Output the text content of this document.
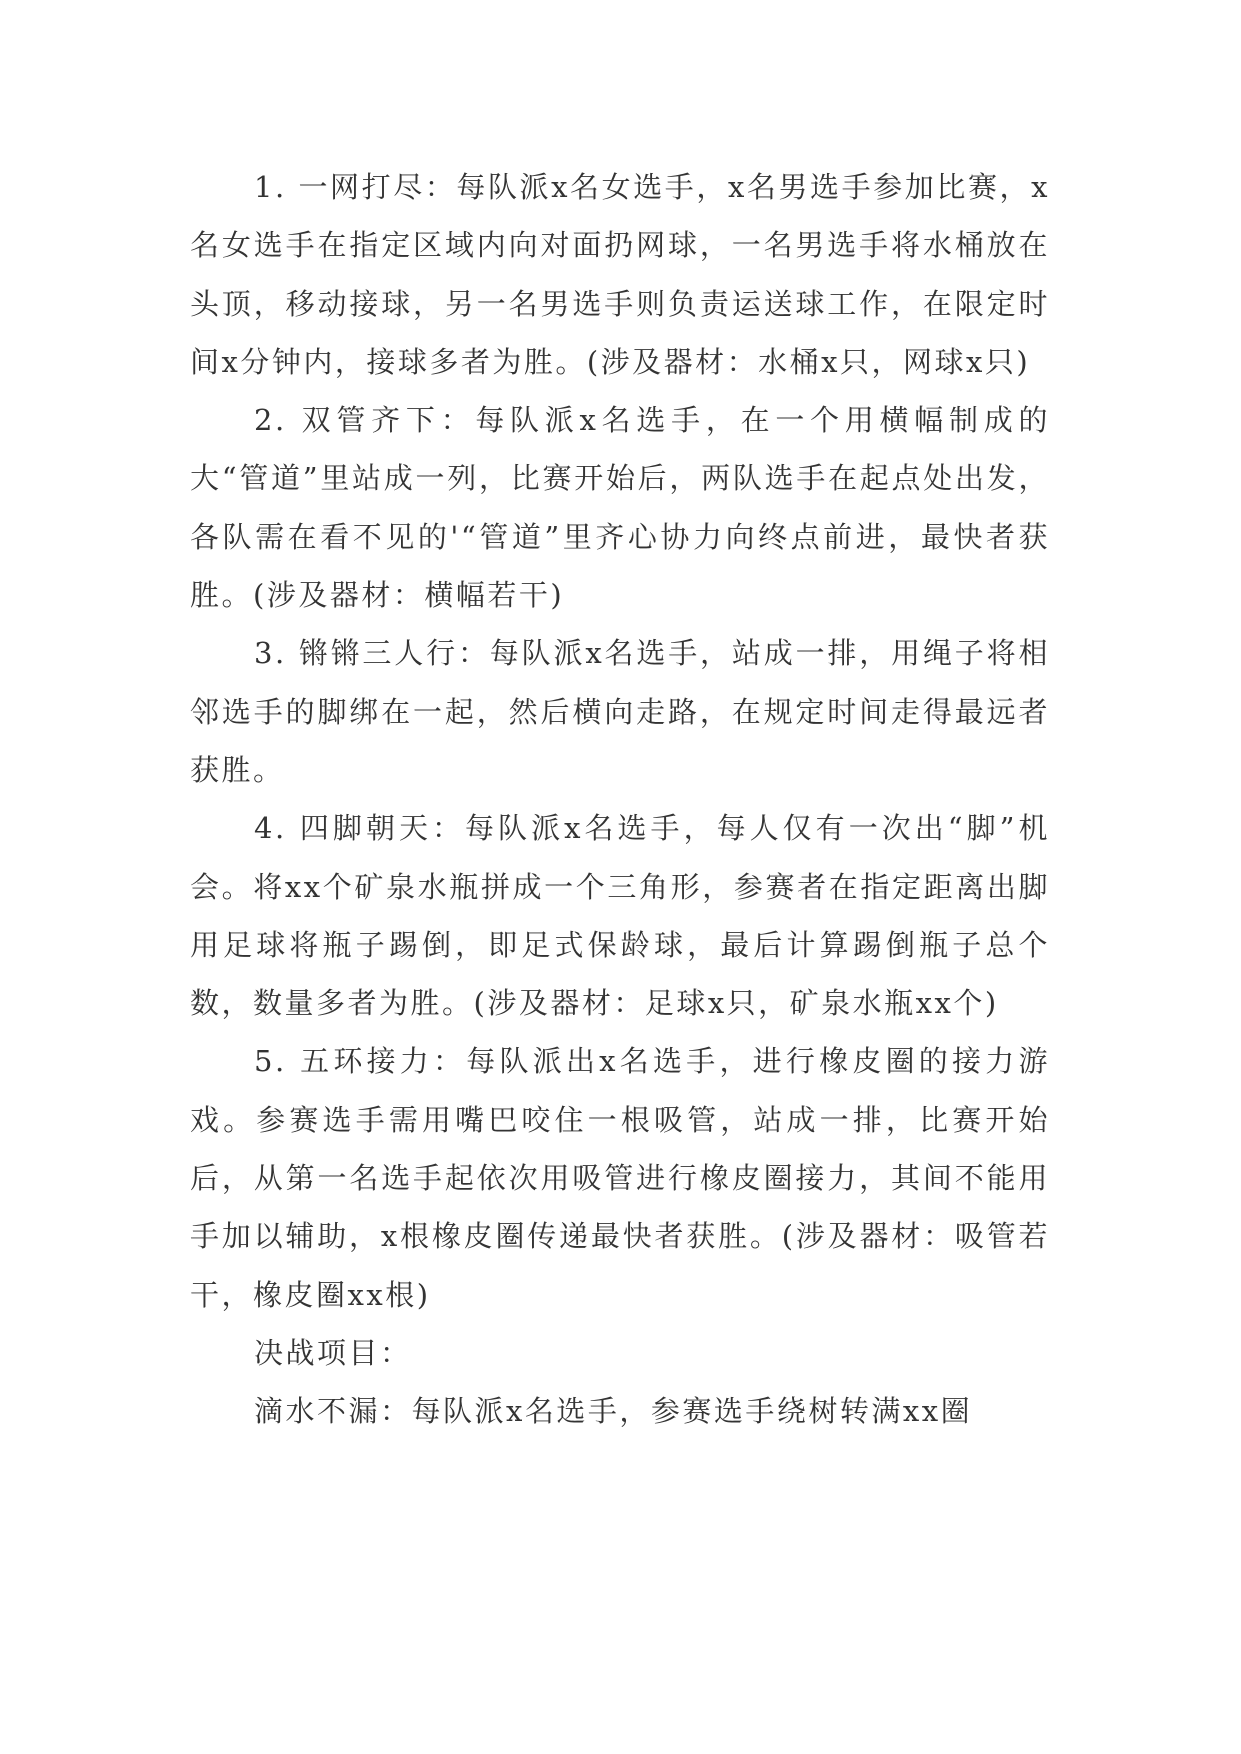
1. 一网打尽：每队派x名女选手，x名男选手参加比赛，x名女选手在指定区域内向对面扔网球，一名男选手将水桶放在头顶，移动接球，另一名男选手则负责运送球工作，在限定时间x分钟内，接球多者为胜。(涉及器材：水桶x只，网球x只)

2. 双管齐下：每队派x名选手，在一个用横幅制成的大“管道”里站成一列，比赛开始后，两队选手在起点处出发，各队需在看不见的'“管道”里齐心协力向终点前进，最快者获胜。(涉及器材：横幅若干)

3. 锵锵三人行：每队派x名选手，站成一排，用绳子将相邻选手的脚绑在一起，然后横向走路，在规定时间走得最远者获胜。

4. 四脚朝天：每队派x名选手，每人仅有一次出“脚”机会。将xx个矿泉水瓶拼成一个三角形，参赛者在指定距离出脚用足球将瓶子踢倒，即足式保龄球，最后计算踢倒瓶子总个数，数量多者为胜。(涉及器材：足球x只，矿泉水瓶xx个)

5. 五环接力：每队派出x名选手，进行橡皮圈的接力游戏。参赛选手需用嘴巴咬住一根吸管，站成一排，比赛开始后，从第一名选手起依次用吸管进行橡皮圈接力，其间不能用手加以辅助，x根橡皮圈传递最快者获胜。(涉及器材：吸管若干，橡皮圈xx根)

决战项目：

滴水不漏：每队派x名选手，参赛选手绕树转满xx圈
